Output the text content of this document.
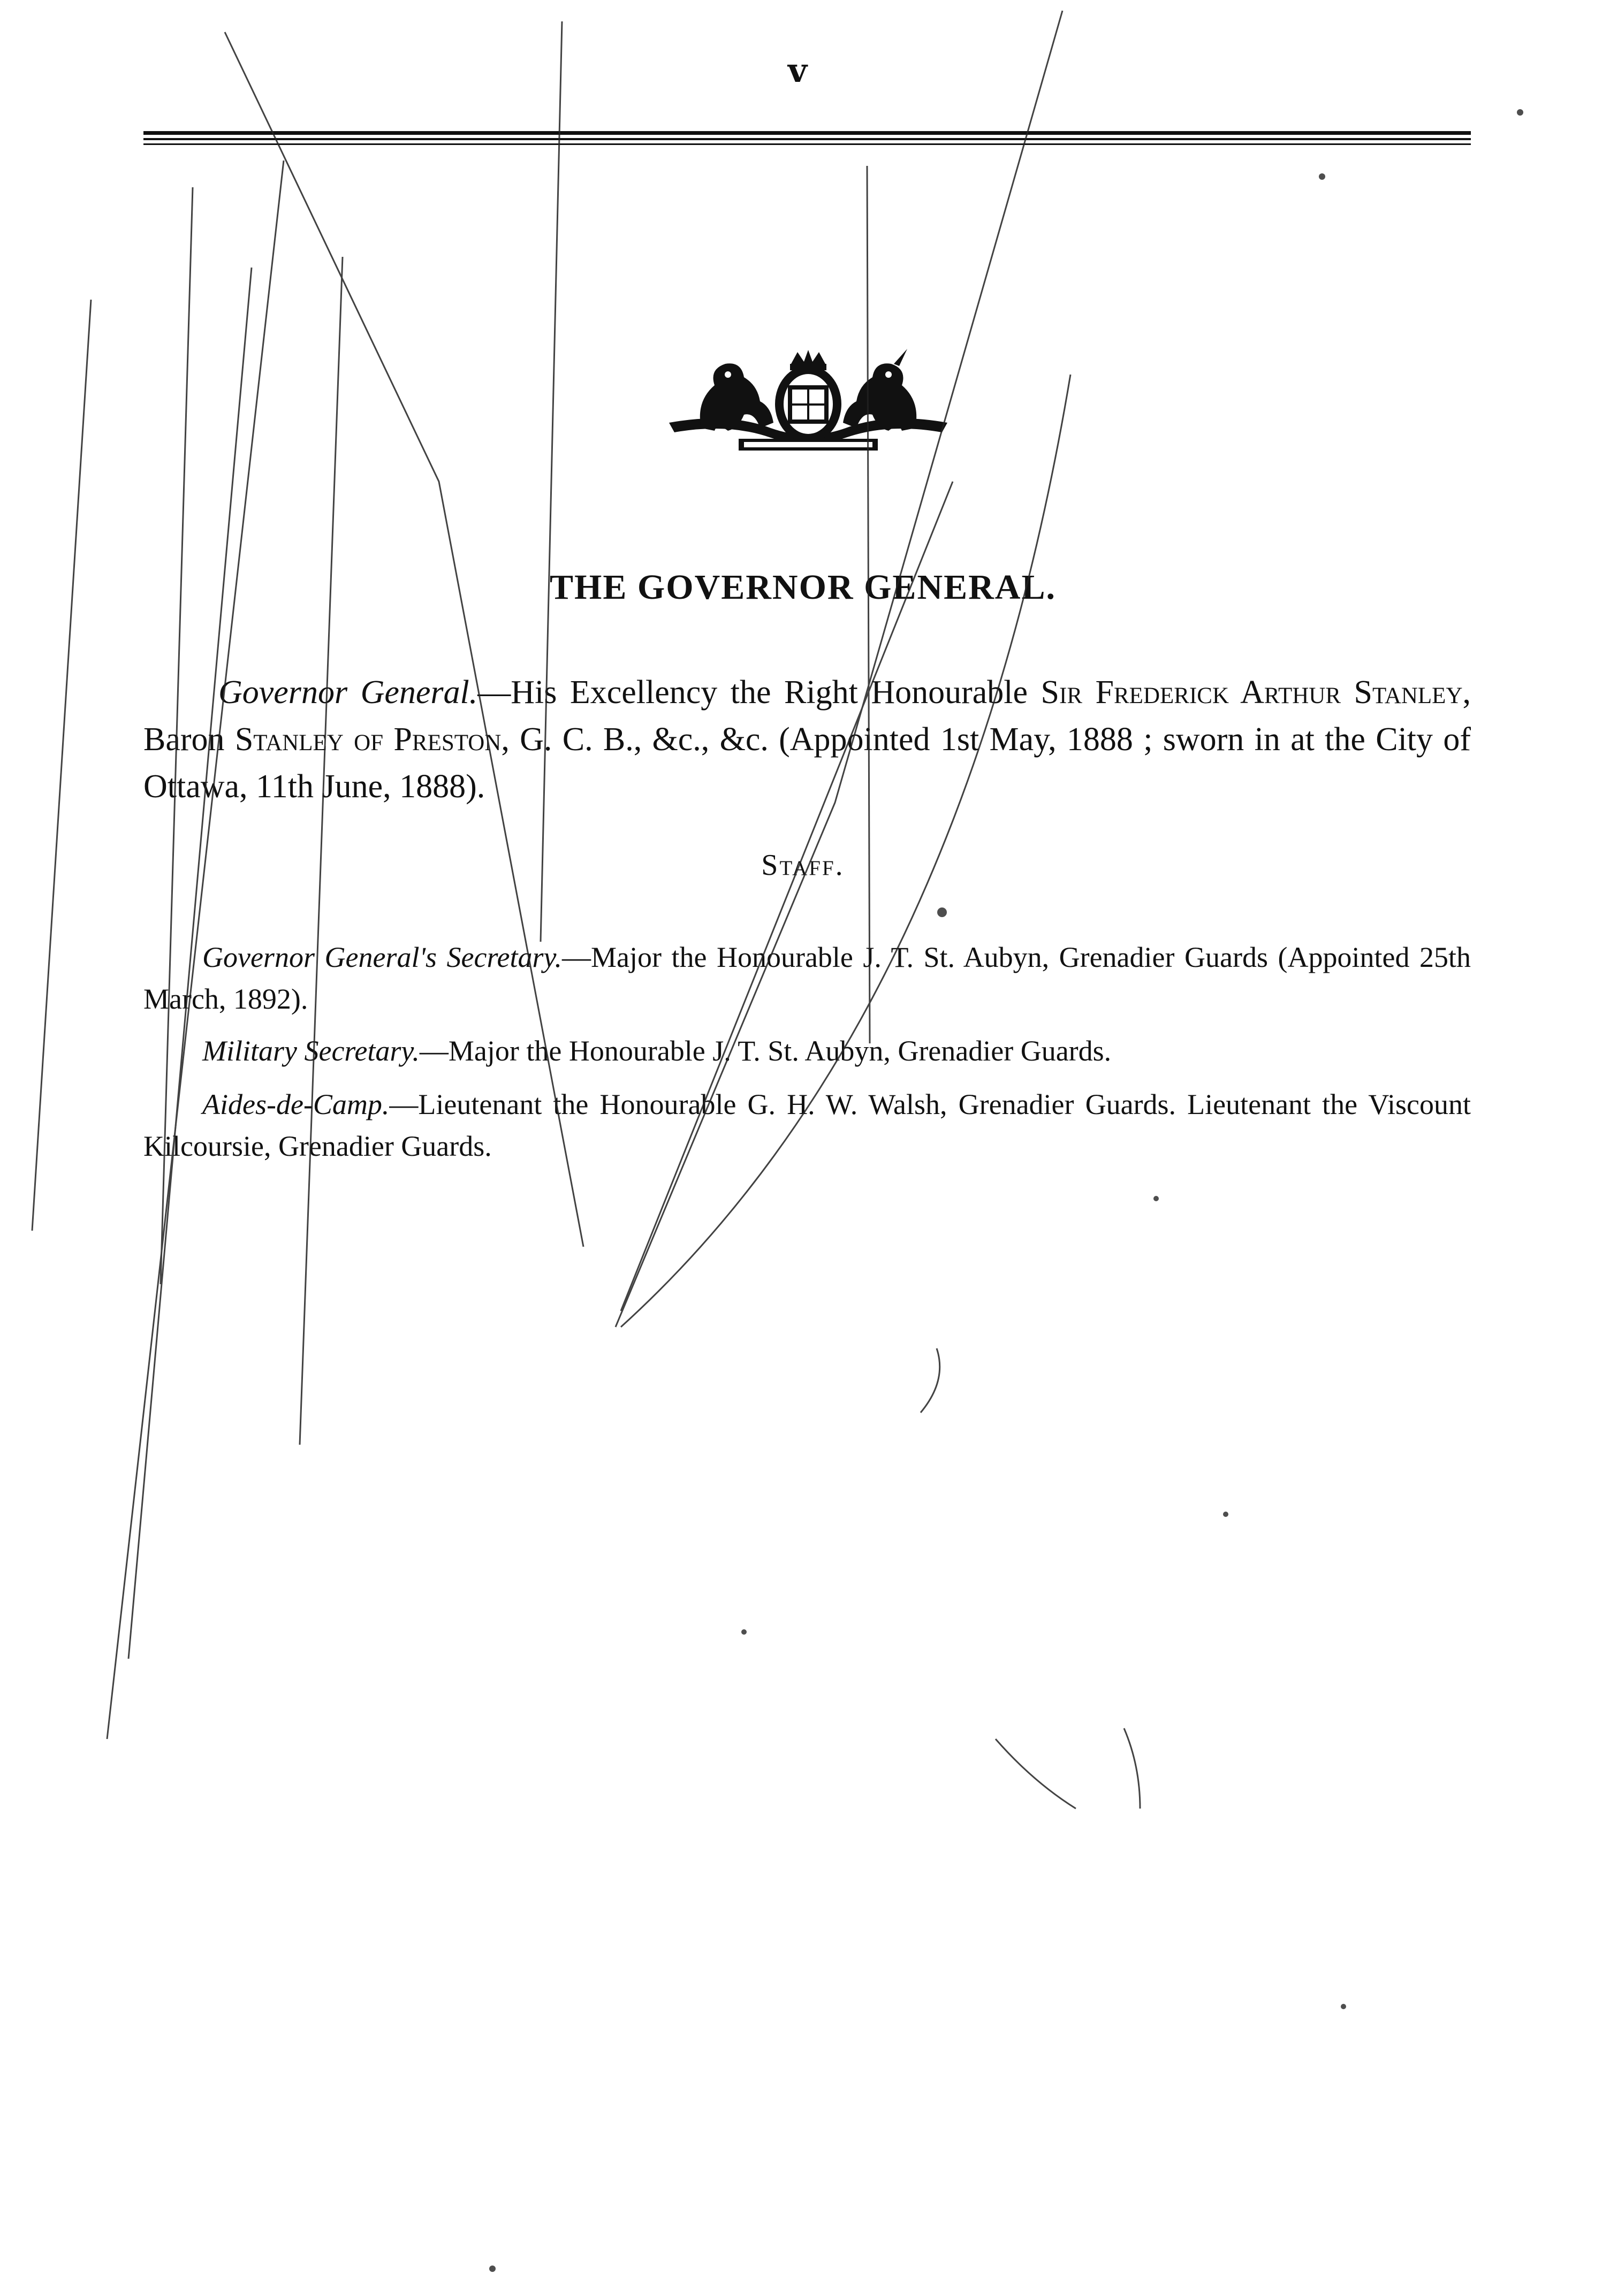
v
THE GOVERNOR GENERAL.
Governor General.—His Excellency the Right Honourable Sir Frederick Arthur Stanley, Baron Stanley of Preston, G. C. B., &c., &c. (Appointed 1st May, 1888 ; sworn in at the City of Ottawa, 11th June, 1888).
Staff.
Governor General's Secretary.—Major the Honourable J. T. St. Aubyn, Grenadier Guards (Appointed 25th March, 1892).
Military Secretary.—Major the Honourable J. T. St. Aubyn, Grenadier Guards.
Aides-de-Camp.—Lieutenant the Honourable G. H. W. Walsh, Grenadier Guards. Lieutenant the Viscount Kilcoursie, Grenadier Guards.
